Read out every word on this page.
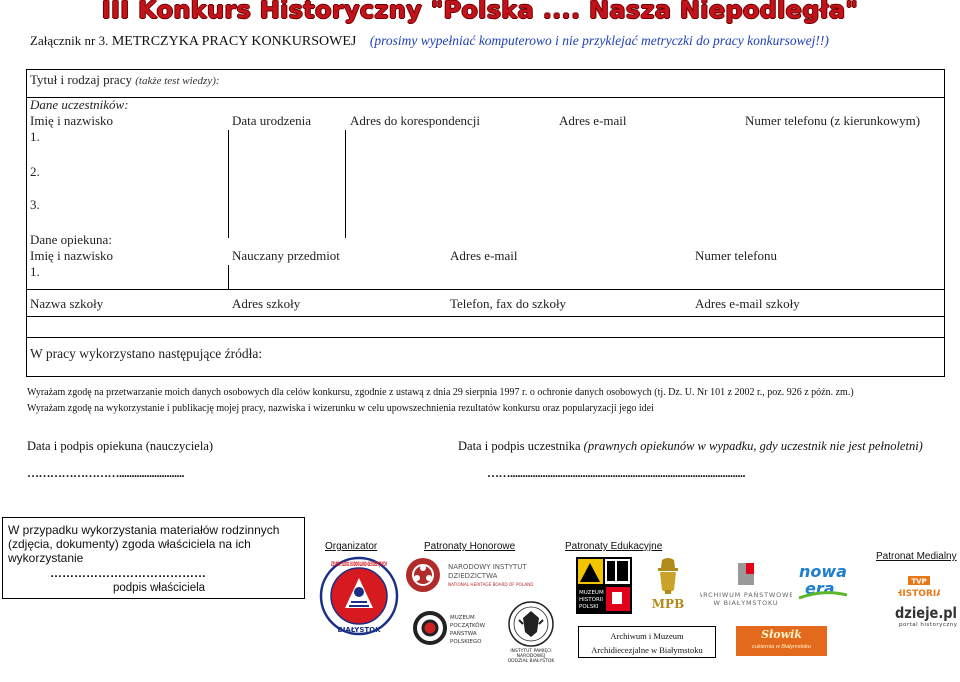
III Konkurs Historyczny "Polska .... Nasza Niepodległa"
Załącznik nr 3. METRCZYKA PRACY KONKURSOWEJ (prosimy wypełniać komputerowo i nie przyklejać metryczki do pracy konkursowej!!)
Tytuł i rodzaj pracy (także test wiedzy):
Dane uczestników:
Imię i nazwisko	Data urodzenia	Adres do korespondencji	Adres e-mail	Numer telefonu (z kierunkowym)
1.
2.
3.
Dane opiekuna:
Imię i nazwisko	Nauczany przedmiot	Adres e-mail	Numer telefonu
1.
Nazwa szkoły	Adres szkoły	Telefon, fax do szkoły	Adres e-mail szkoły
W pracy wykorzystano następujące źródła:
Wyrażam zgodę na przetwarzanie moich danych osobowych dla celów konkursu, zgodnie z ustawą z dnia 29 sierpnia 1997 r. o ochronie danych osobowych (tj. Dz. U. Nr 101 z 2002 r., poz. 926 z późn. zm.)
Wyrażam zgodę na wykorzystanie i publikację mojej pracy, nazwiska i wizerunku w celu upowszechnienia rezultatów konkursu oraz popularyzacji jego idei
Data i podpis opiekuna (nauczyciela)	Data i podpis uczestnika (prawnych opiekunów w wypadku, gdy uczestnik nie jest pełnoletni)
……………………..........................	……..............................................................................................
W przypadku wykorzystania materiałów rodzinnych (zdjęcia, dokumenty) zgoda właściciela na ich wykorzystanie
…………………………………
podpis właściciela
Organizator	Patronaty Honorowe	Patronaty Edukacyjne
Patronat Medialny
ZESPÓŁ SZKÓŁ BU
BIAŁYSTOK
NARODOWY INSTYTUT
DZIEDZICTWA
NATIONAL HERITAGE BOARD OF POLAND
MUZEUM
POCZĄTKÓW
PAŃSTWA
POLSKIEGO
INSTYTUT PAMIĘCI
NARODOWEJ
ODDZIAŁ BIAŁYSTOK
MUZEUM
HISTORII
POLSKI	MPB
ARCHIWUM PAŃSTWOWE
W BIAŁYMSTOKU
nowa
era	TVP
HISTORIA
dzieje.pl
portal historyczny
Archiwum i Muzeum
Archidiecezjalne w Białymstoku
Słowik
cukiernia w Białymstoku
